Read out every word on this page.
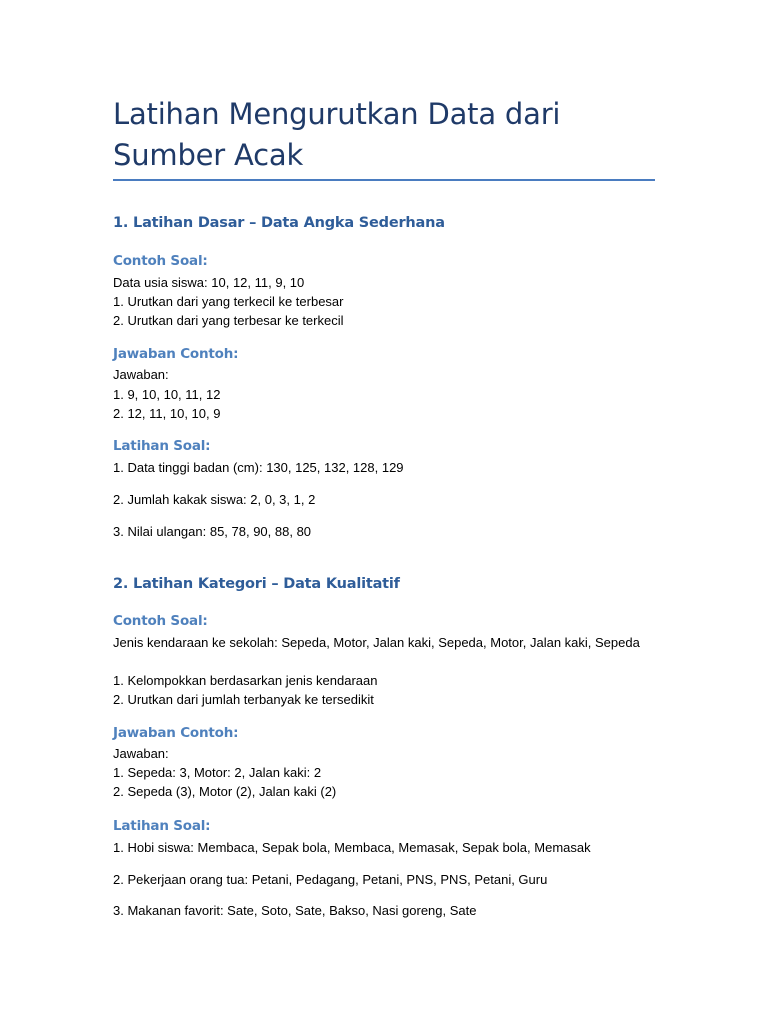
Latihan Mengurutkan Data dari Sumber Acak
1. Latihan Dasar – Data Angka Sederhana
Contoh Soal:

Data usia siswa: 10, 12, 11, 9, 10

1. Urutkan dari yang terkecil ke terbesar

2. Urutkan dari yang terbesar ke terkecil

Jawaban Contoh:

Jawaban:

1. 9, 10, 10, 11, 12

2. 12, 11, 10, 10, 9

Latihan Soal:

1. Data tinggi badan (cm): 130, 125, 132, 128, 129

2. Jumlah kakak siswa: 2, 0, 3, 1, 2

3. Nilai ulangan: 85, 78, 90, 88, 80

2. Latihan Kategori – Data Kualitatif
Contoh Soal:

Jenis kendaraan ke sekolah: Sepeda, Motor, Jalan kaki, Sepeda, Motor, Jalan kaki, Sepeda

1. Kelompokkan berdasarkan jenis kendaraan

2. Urutkan dari jumlah terbanyak ke tersedikit

Jawaban Contoh:

Jawaban:

1. Sepeda: 3, Motor: 2, Jalan kaki: 2

2. Sepeda (3), Motor (2), Jalan kaki (2)

Latihan Soal:

1. Hobi siswa: Membaca, Sepak bola, Membaca, Memasak, Sepak bola, Memasak

2. Pekerjaan orang tua: Petani, Pedagang, Petani, PNS, PNS, Petani, Guru

3. Makanan favorit: Sate, Soto, Sate, Bakso, Nasi goreng, Sate
